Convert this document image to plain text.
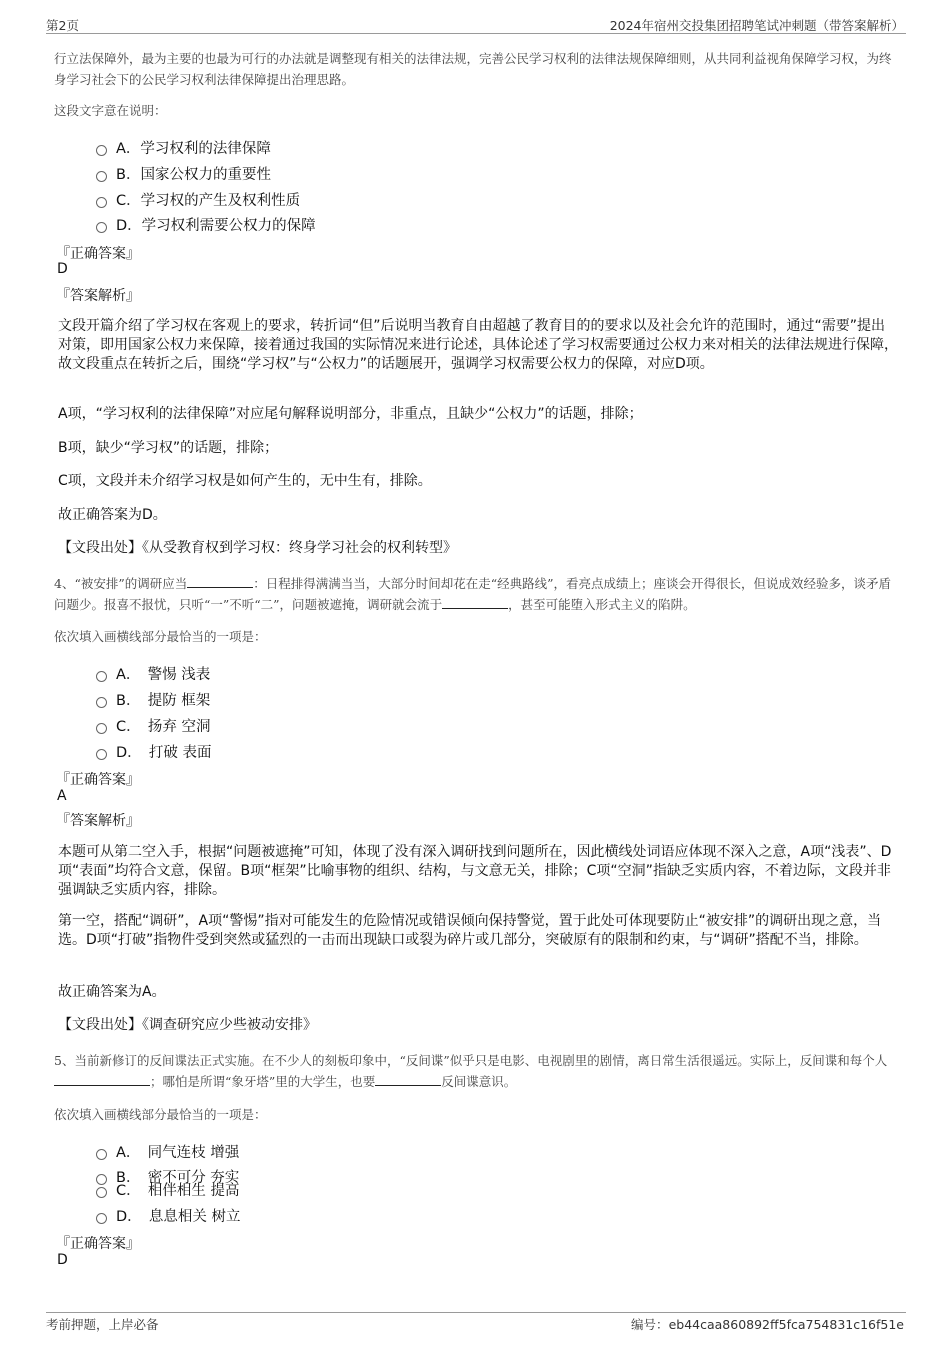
第2页	2024年宿州交投集团招聘笔试冲刺题（带答案解析）
行立法保障外，最为主要的也最为可行的办法就是调整现有相关的法律法规，完善公民学习权利的法律法规保障细则，从共同利益视角保障学习权，为终身学习社会下的公民学习权利法律保障提出治理思路。
这段文字意在说明：
A．学习权利的法律保障
B．国家公权力的重要性
C．学习权的产生及权利性质
D．学习权利需要公权力的保障
『正确答案』
D
『答案解析』
文段开篇介绍了学习权在客观上的要求，转折词“但”后说明当教育自由超越了教育目的的要求以及社会允许的范围时，通过“需要”提出对策，即用国家公权力来保障，接着通过我国的实际情况来进行论述，具体论述了学习权需要通过公权力来对相关的法律法规进行保障，故文段重点在转折之后，围绕“学习权”与“公权力”的话题展开，强调学习权需要公权力的保障，对应D项。
A项，“学习权利的法律保障”对应尾句解释说明部分，非重点，且缺少“公权力”的话题，排除；
B项，缺少“学习权”的话题，排除；
C项，文段并未介绍学习权是如何产生的，无中生有，排除。
故正确答案为D。
【文段出处】《从受教育权到学习权：终身学习社会的权利转型》
4、“被安排”的调研应当	：日程排得满满当当，大部分时间却花在走“经典路线”，看亮点成绩上；座谈会开得很长，但说成效经验多，谈矛盾问题少。报喜不报忧，只听“一”不听“二”，问题被遮掩，调研就会流于	，甚至可能堕入形式主义的陷阱。
依次填入画横线部分最恰当的一项是：
A．　警惕 浅表
B．　提防 框架
C．　扬弃 空洞
D．　打破 表面
『正确答案』
A
『答案解析』
本题可从第二空入手，根据“问题被遮掩”可知，体现了没有深入调研找到问题所在，因此横线处词语应体现不深入之意，A项“浅表”、D项“表面”均符合文意，保留。B项“框架”比喻事物的组织、结构，与文意无关，排除；C项“空洞”指缺乏实质内容，不着边际，文段并非强调缺乏实质内容，排除。
第一空，搭配“调研”，A项“警惕”指对可能发生的危险情况或错误倾向保持警觉，置于此处可体现要防止“被安排”的调研出现之意，当选。D项“打破”指物件受到突然或猛烈的一击而出现缺口或裂为碎片或几部分，突破原有的限制和约束，与“调研”搭配不当，排除。
故正确答案为A。
【文段出处】《调查研究应少些被动安排》
5、当前新修订的反间谍法正式实施。在不少人的刻板印象中，“反间谍”似乎只是电影、电视剧里的剧情，离日常生活很遥远。实际上，反间谍和每个人；哪怕是所谓“象牙塔”里的大学生，也要	反间谍意识。
依次填入画横线部分最恰当的一项是：
A．　同气连枝 增强
B．　密不可分 夯实
C．　相伴相生 提高
D．　息息相关 树立
『正确答案』
D
考前押题，上岸必备	编号：eb44caa860892ff5fca754831c16f51e
